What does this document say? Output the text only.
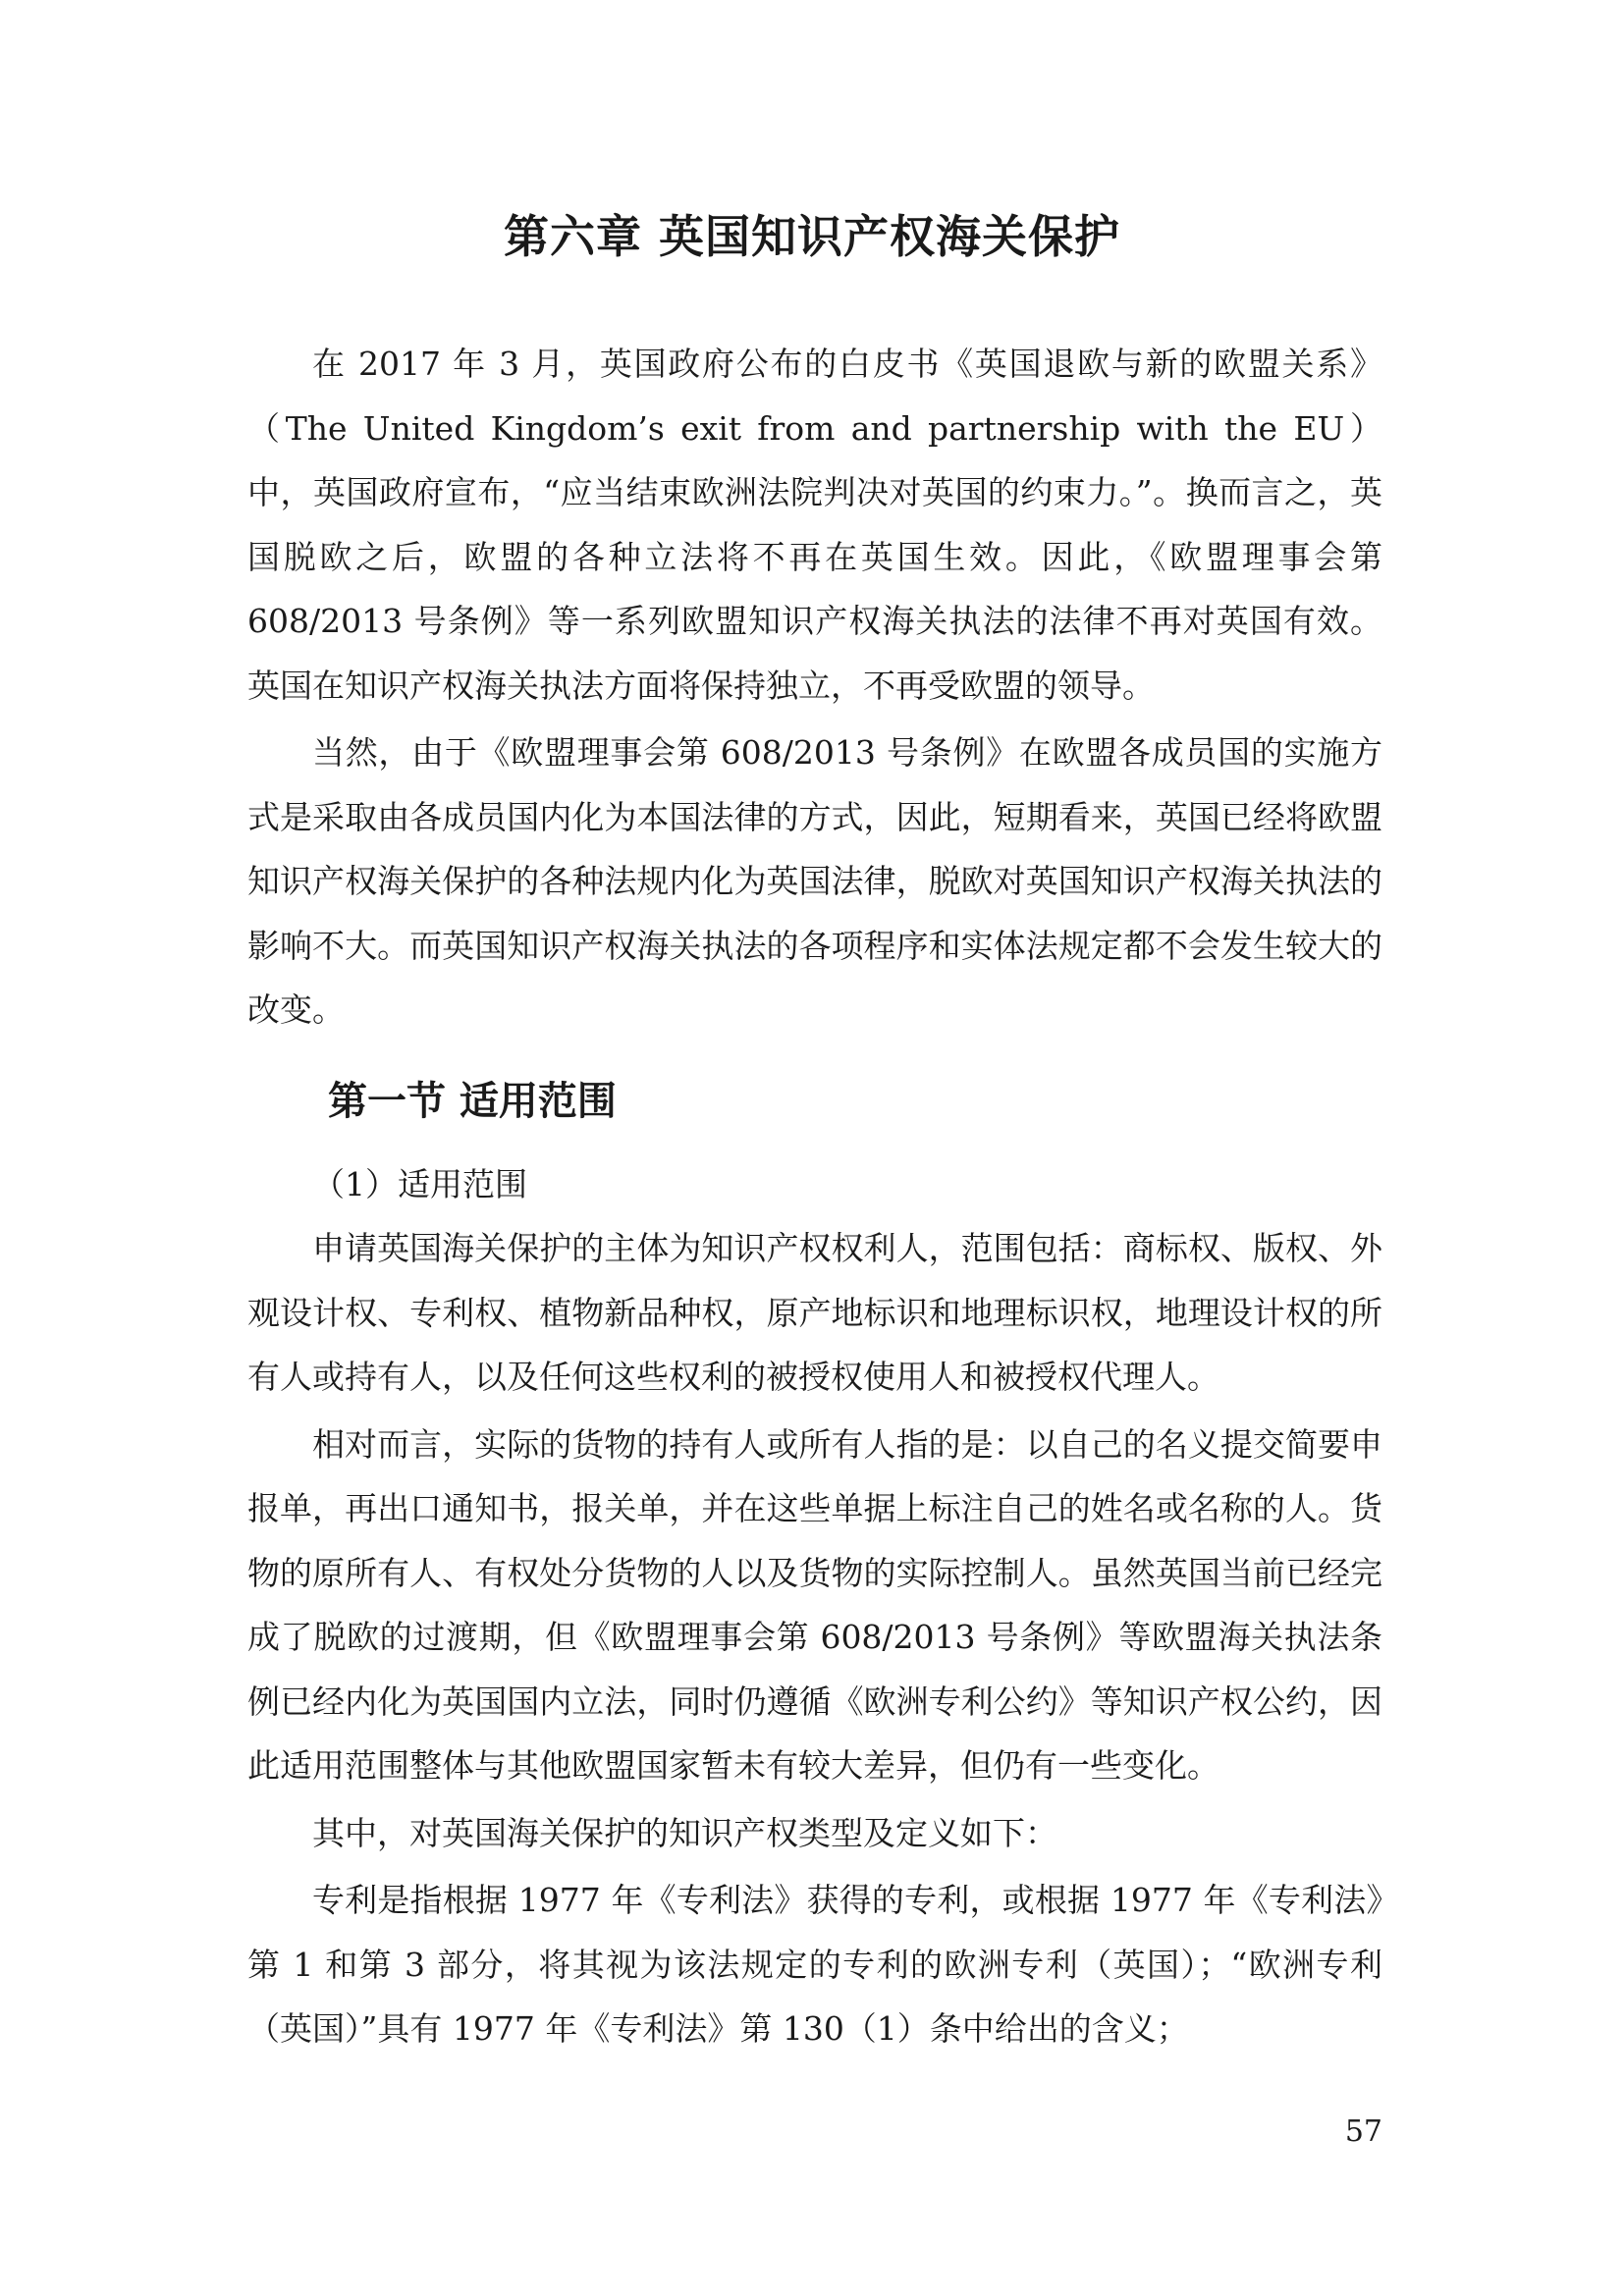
第六章 英国知识产权海关保护

在 2017 年 3 月，英国政府公布的白皮书《英国退欧与新的欧盟关系》（The United Kingdom’s exit from and partnership with the EU）中，英国政府宣布，“应当结束欧洲法院判决对英国的约束力。”。换而言之，英国脱欧之后，欧盟的各种立法将不再在英国生效。因此，《欧盟理事会第 608/2013 号条例》等一系列欧盟知识产权海关执法的法律不再对英国有效。英国在知识产权海关执法方面将保持独立，不再受欧盟的领导。

当然，由于《欧盟理事会第 608/2013 号条例》在欧盟各成员国的实施方式是采取由各成员国内化为本国法律的方式，因此，短期看来，英国已经将欧盟知识产权海关保护的各种法规内化为英国法律，脱欧对英国知识产权海关执法的影响不大。而英国知识产权海关执法的各项程序和实体法规定都不会发生较大的改变。

第一节 适用范围

（1）适用范围

申请英国海关保护的主体为知识产权权利人，范围包括：商标权、版权、外观设计权、专利权、植物新品种权，原产地标识和地理标识权，地理设计权的所有人或持有人，以及任何这些权利的被授权使用人和被授权代理人。

相对而言，实际的货物的持有人或所有人指的是：以自己的名义提交简要申报单，再出口通知书，报关单，并在这些单据上标注自己的姓名或名称的人。货物的原所有人、有权处分货物的人以及货物的实际控制人。虽然英国当前已经完成了脱欧的过渡期，但《欧盟理事会第 608/2013 号条例》等欧盟海关执法条例已经内化为英国国内立法，同时仍遵循《欧洲专利公约》等知识产权公约，因此适用范围整体与其他欧盟国家暂未有较大差异，但仍有一些变化。

其中，对英国海关保护的知识产权类型及定义如下：

专利是指根据 1977 年《专利法》获得的专利，或根据 1977 年《专利法》第 1 和第 3 部分，将其视为该法规定的专利的欧洲专利（英国）；“欧洲专利（英国）”具有 1977 年《专利法》第 130（1）条中给出的含义；

57
